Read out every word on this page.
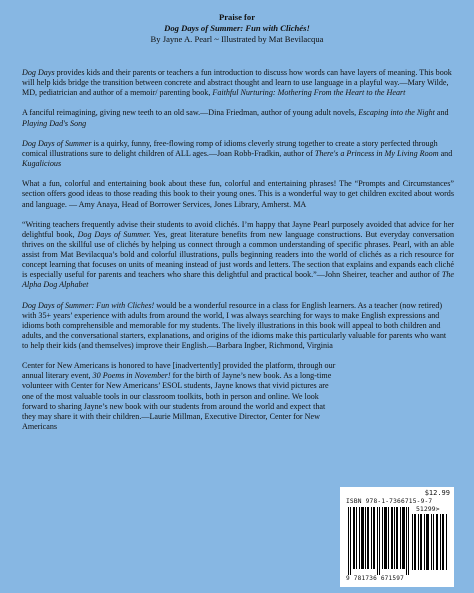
Praise for
Dog Days of Summer: Fun with Clichés!
By Jayne A. Pearl ~ Illustrated by Mat Bevilacqua

Dog Days provides kids and their parents or teachers a fun introduction to discuss how words can have layers of meaning. This book will help kids bridge the transition between concrete and abstract thought and learn to use language in a playful way.—Mary Wilde, MD, pediatrician and author of a memoir/ parenting book, Faithful Nurturing: Mothering From the Heart to the Heart

A fanciful reimagining, giving new teeth to an old saw.—Dina Friedman, author of young adult novels, Escaping into the Night and Playing Dad's Song

Dog Days of Summer is a quirky, funny, free-flowing romp of idioms cleverly strung together to create a story perfected through comical illustrations sure to delight children of ALL ages.—Joan Robb-Fradkin, author of There's a Princess in My Living Room and Kugalicious

What a fun, colorful and entertaining book about these fun, colorful and entertaining phrases! The “Prompts and Circumstances” section offers good ideas to those reading this book to their young ones. This is a wonderful way to get children excited about words and language. — Amy Anaya, Head of Borrower Services, Jones Library, Amherst. MA

“Writing teachers frequently advise their students to avoid clichés. I’m happy that Jayne Pearl purposely avoided that advice for her delightful book, Dog Days of Summer. Yes, great literature benefits from new language constructions. But everyday conversation thrives on the skillful use of clichés by helping us connect through a common understanding of specific phrases. Pearl, with an able assist from Mat Bevilacqua’s bold and colorful illustrations, pulls beginning readers into the world of clichés as a rich resource for concept learning that focuses on units of meaning instead of just words and letters. The section that explains and expands each cliché is especially useful for parents and teachers who share this delightful and practical book.”—John Sheirer, teacher and author of The Alpha Dog Alphabet

Dog Days of Summer: Fun with Cliches! would be a wonderful resource in a class for English learners. As a teacher (now retired) with 35+ years’ experience with adults from around the world, I was always searching for ways to make English expressions and idioms both comprehensible and memorable for my students. The lively illustrations in this book will appeal to both children and adults, and the conversational starters, explanations, and origins of the idioms make this particularly valuable for parents who want to help their kids (and themselves) improve their English.—Barbara Ingber, Richmond, Virginia

Center for New Americans is honored to have [inadvertently] provided the platform, through our annual literary event, 30 Poems in November! for the birth of Jayne’s new book. As a long-time volunteer with Center for New Americans’ ESOL students, Jayne knows that vivid pictures are one of the most valuable tools in our classroom toolkits, both in person and online. We look forward to sharing Jayne’s new book with our students from around the world and expect that they may share it with their children.—Laurie Millman, Executive Director, Center for New Americans

$12.99
ISBN 978-1-7366715-9-7
51299>
9 781736 671597
